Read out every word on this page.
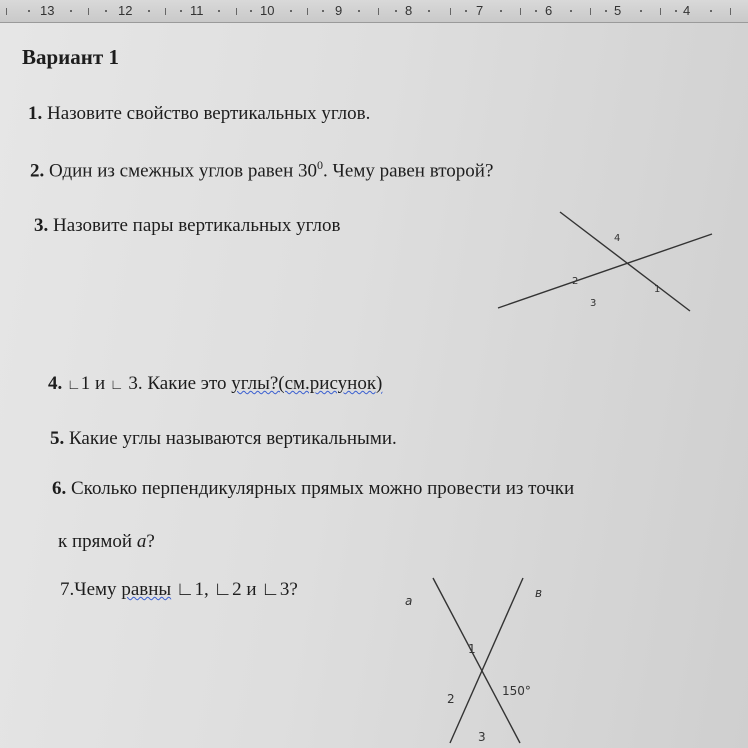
13	12	11	10	9	8	7	6	5	4
Вариант 1
1. Назовите свойство вертикальных углов.
2. Один из смежных углов равен $30^0$. Чему равен второй?
3. Назовите пары вертикальных углов
4
2
1
3
4. ∟1 и ∟ 3. Какие это углы?(см.рисунок)
5. Какие углы называются вертикальными.
6. Сколько перпендикулярных прямых можно провести из точки
к прямой a?
7.Чему равны ∟1, ∟2 и ∟3?
a
в
1
2
3
150°
